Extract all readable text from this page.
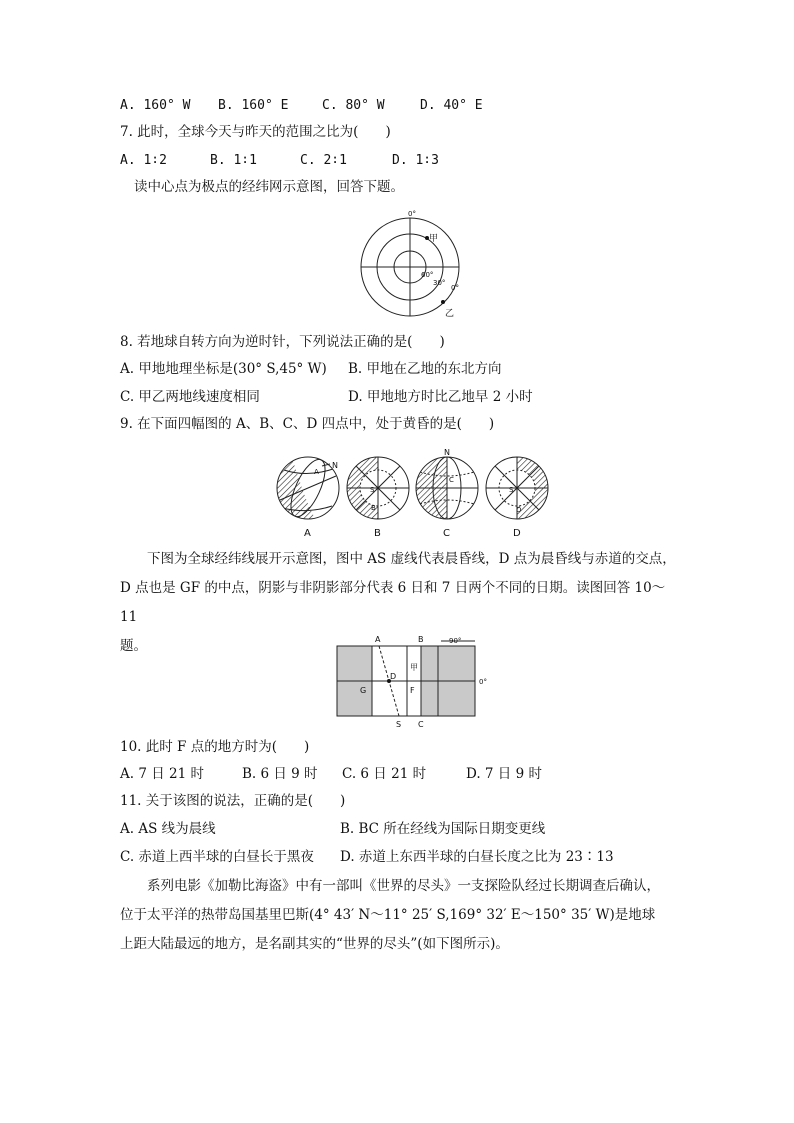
A. 160° W B. 160° E	C. 80° W	D. 40° E
7. 此时，全球今天与昨天的范围之比为(　　)
A. 1∶2	B. 1∶1	C. 2∶1	D. 1∶3
读中心点为极点的经纬网示意图，回答下题。
0°
甲
乙
60°
30°
0°
8. 若地球自转方向为逆时针，下列说法正确的是(　　)
A. 甲地地理坐标是(30° S,45° W) B. 甲地在乙地的东北方向
C. 甲乙两地线速度相同	D. 甲地地方时比乙地早 2 小时
9. 在下面四幅图的 A、B、C、D 四点中，处于黄昏的是(　　)
N
A
S
B
N
C
S
D
A	B	C	D
下图为全球经纬线展开示意图，图中 AS 虚线代表晨昏线，D 点为晨昏线与赤道的交点，
D 点也是 GF 的中点，阴影与非阴影部分代表 6 日和 7 日两个不同的日期。读图回答 10～11
题。	A	B	90°
甲
D
F
G
0°
S C
10. 此时 F 点的地方时为(　　)
A. 7 日 21 时	B. 6 日 9 时 C. 6 日 21 时	D. 7 日 9 时
11. 关于该图的说法，正确的是(　　)
A. AS 线为晨线	B. BC 所在经线为国际日期变更线
C. 赤道上西半球的白昼长于黑夜 D. 赤道上东西半球的白昼长度之比为 23∶13
系列电影《加勒比海盗》中有一部叫《世界的尽头》一支探险队经过长期调查后确认，
位于太平洋的热带岛国基里巴斯(4° 43′ N～11° 25′ S,169° 32′ E～150° 35′ W)是地球
上距大陆最远的地方，是名副其实的“世界的尽头”(如下图所示)。
